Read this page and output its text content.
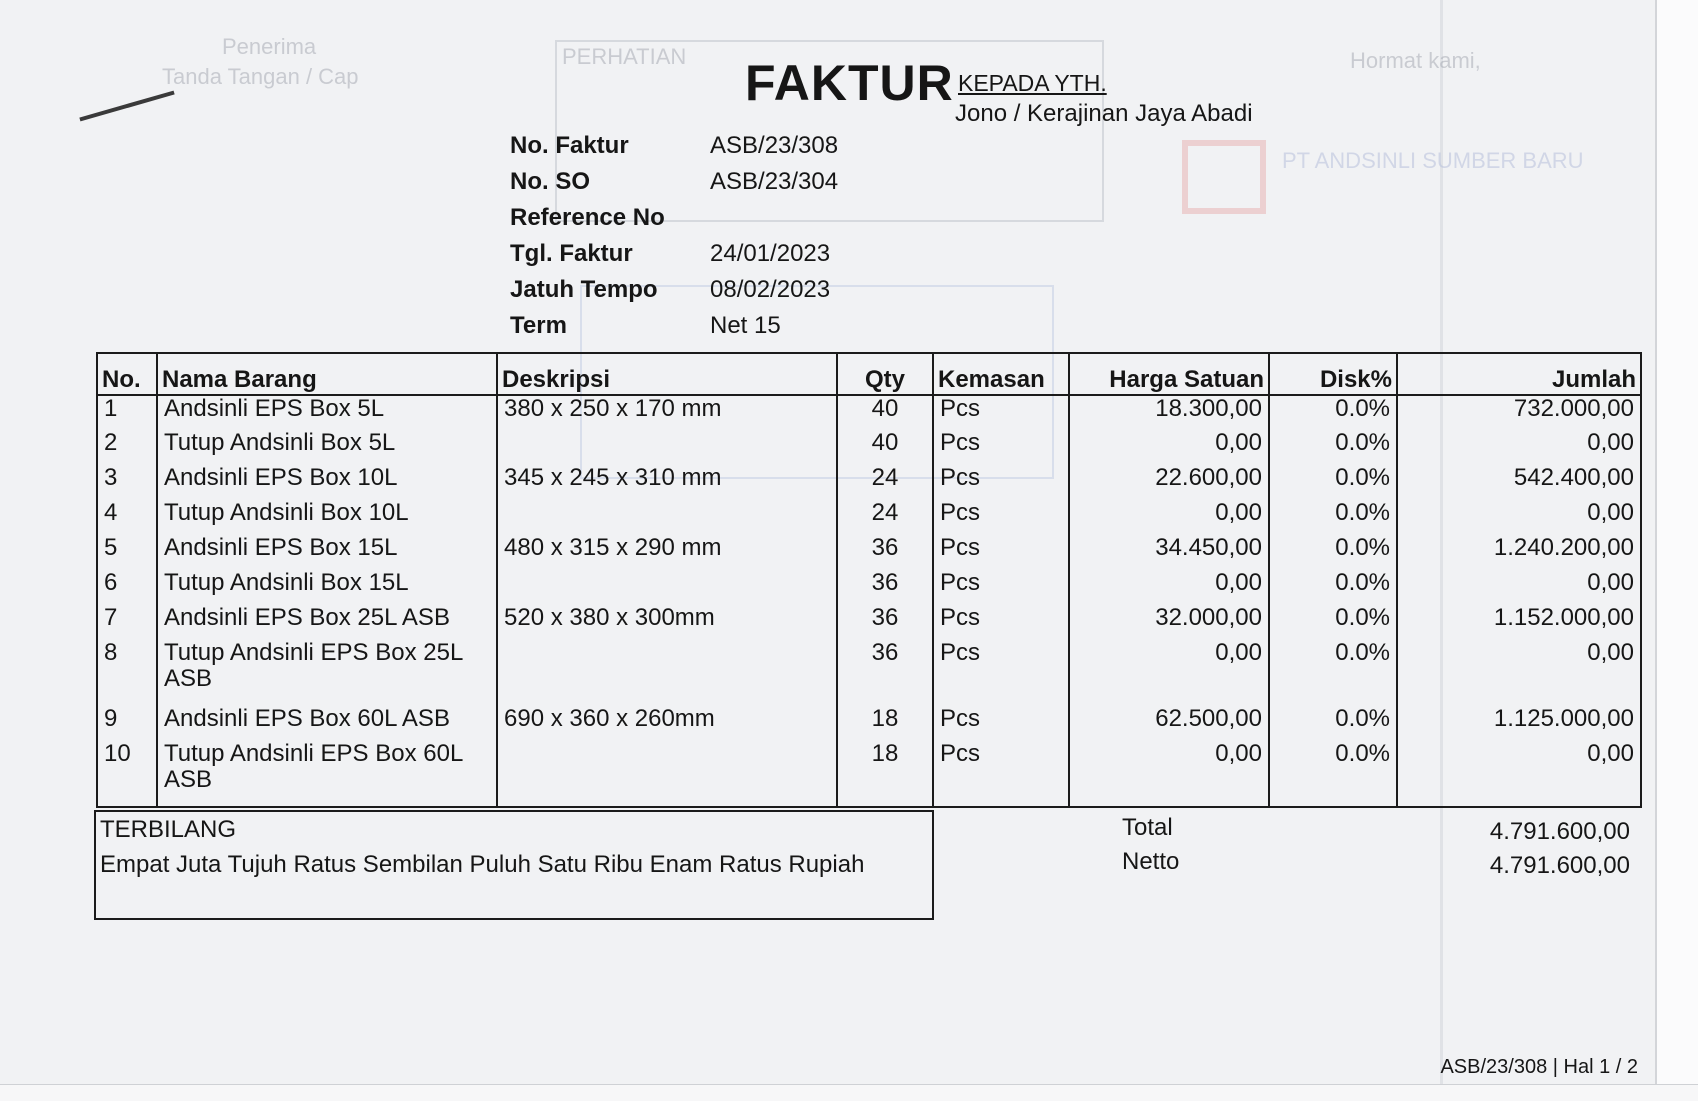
Penerima
Tanda Tangan / Cap
PERHATIAN	Hormat kami,
PT ANDSINLI SUMBER BARU
FAKTUR KEPADA YTH.
Jono / Kerajinan Jaya Abadi
No. Faktur	ASB/23/308
No. SO	ASB/23/304
Reference No
Tgl. Faktur	24/01/2023
Jatuh Tempo	08/02/2023
Term	Net 15
No.	Nama Barang	Deskripsi	Qty	Kemasan	Harga Satuan	Disk%	Jumlah
1	Andsinli EPS Box 5L	380 x 250 x 170 mm	40	Pcs	18.300,00	0.0%	732.000,00
2	Tutup Andsinli Box 5L		40	Pcs	0,00	0.0%	0,00
3	Andsinli EPS Box 10L	345 x 245 x 310 mm	24	Pcs	22.600,00	0.0%	542.400,00
4	Tutup Andsinli Box 10L		24	Pcs	0,00	0.0%	0,00
5	Andsinli EPS Box 15L	480 x 315 x 290 mm	36	Pcs	34.450,00	0.0%	1.240.200,00
6	Tutup Andsinli Box 15L		36	Pcs	0,00	0.0%	0,00
7	Andsinli EPS Box 25L ASB	520 x 380 x 300mm	36	Pcs	32.000,00	0.0%	1.152.000,00
8	Tutup Andsinli EPS Box 25L ASB		36	Pcs	0,00	0.0%	0,00
9	Andsinli EPS Box 60L ASB	690 x 360 x 260mm	18	Pcs	62.500,00	0.0%	1.125.000,00
10	Tutup Andsinli EPS Box 60L ASB		18	Pcs	0,00	0.0%	0,00
TERBILANG
Empat Juta Tujuh Ratus Sembilan Puluh Satu Ribu Enam Ratus Rupiah
Total	4.791.600,00
Netto	4.791.600,00
ASB/23/308 | Hal 1 / 2
